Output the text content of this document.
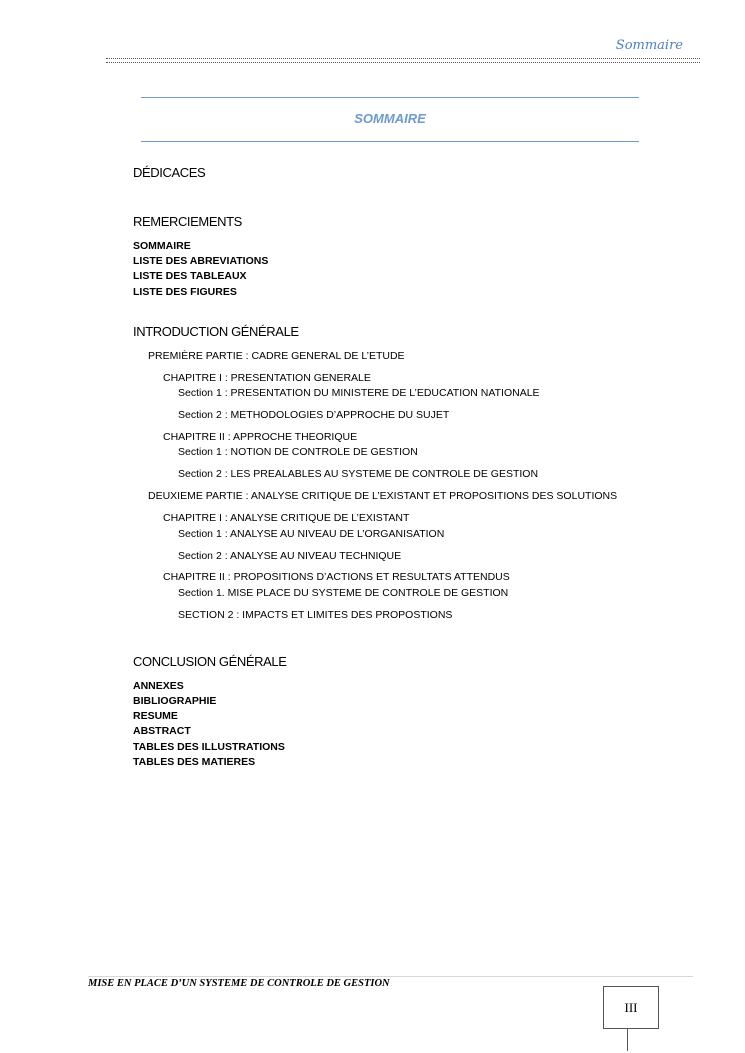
Sommaire
SOMMAIRE
DÉDICACES
REMERCIEMENTS
SOMMAIRE
LISTE DES ABREVIATIONS
LISTE DES TABLEAUX
LISTE DES FIGURES
INTRODUCTION GÉNÉRALE
PREMIÈRE PARTIE : CADRE GENERAL DE L’ETUDE
CHAPITRE I : PRESENTATION GENERALE
Section 1 : PRESENTATION DU MINISTERE DE L’EDUCATION NATIONALE
Section 2 : METHODOLOGIES D’APPROCHE DU SUJET
CHAPITRE II : APPROCHE THEORIQUE
Section 1 : NOTION DE CONTROLE DE GESTION
Section 2 : LES PREALABLES AU SYSTEME DE CONTROLE DE GESTION
DEUXIEME PARTIE : ANALYSE CRITIQUE DE L’EXISTANT ET PROPOSITIONS DES SOLUTIONS
CHAPITRE I : ANALYSE CRITIQUE DE L’EXISTANT
Section 1 : ANALYSE AU NIVEAU DE L’ORGANISATION
Section 2 : ANALYSE AU NIVEAU TECHNIQUE
CHAPITRE II : PROPOSITIONS D’ACTIONS ET RESULTATS ATTENDUS
Section 1. MISE PLACE DU SYSTEME DE CONTROLE DE GESTION
SECTION 2 : IMPACTS ET LIMITES DES PROPOSTIONS
CONCLUSION GÉNÉRALE
ANNEXES
BIBLIOGRAPHIE
RESUME
ABSTRACT
TABLES DES ILLUSTRATIONS
TABLES DES MATIERES
MISE EN PLACE D’UN SYSTEME DE CONTROLE DE GESTION
III
